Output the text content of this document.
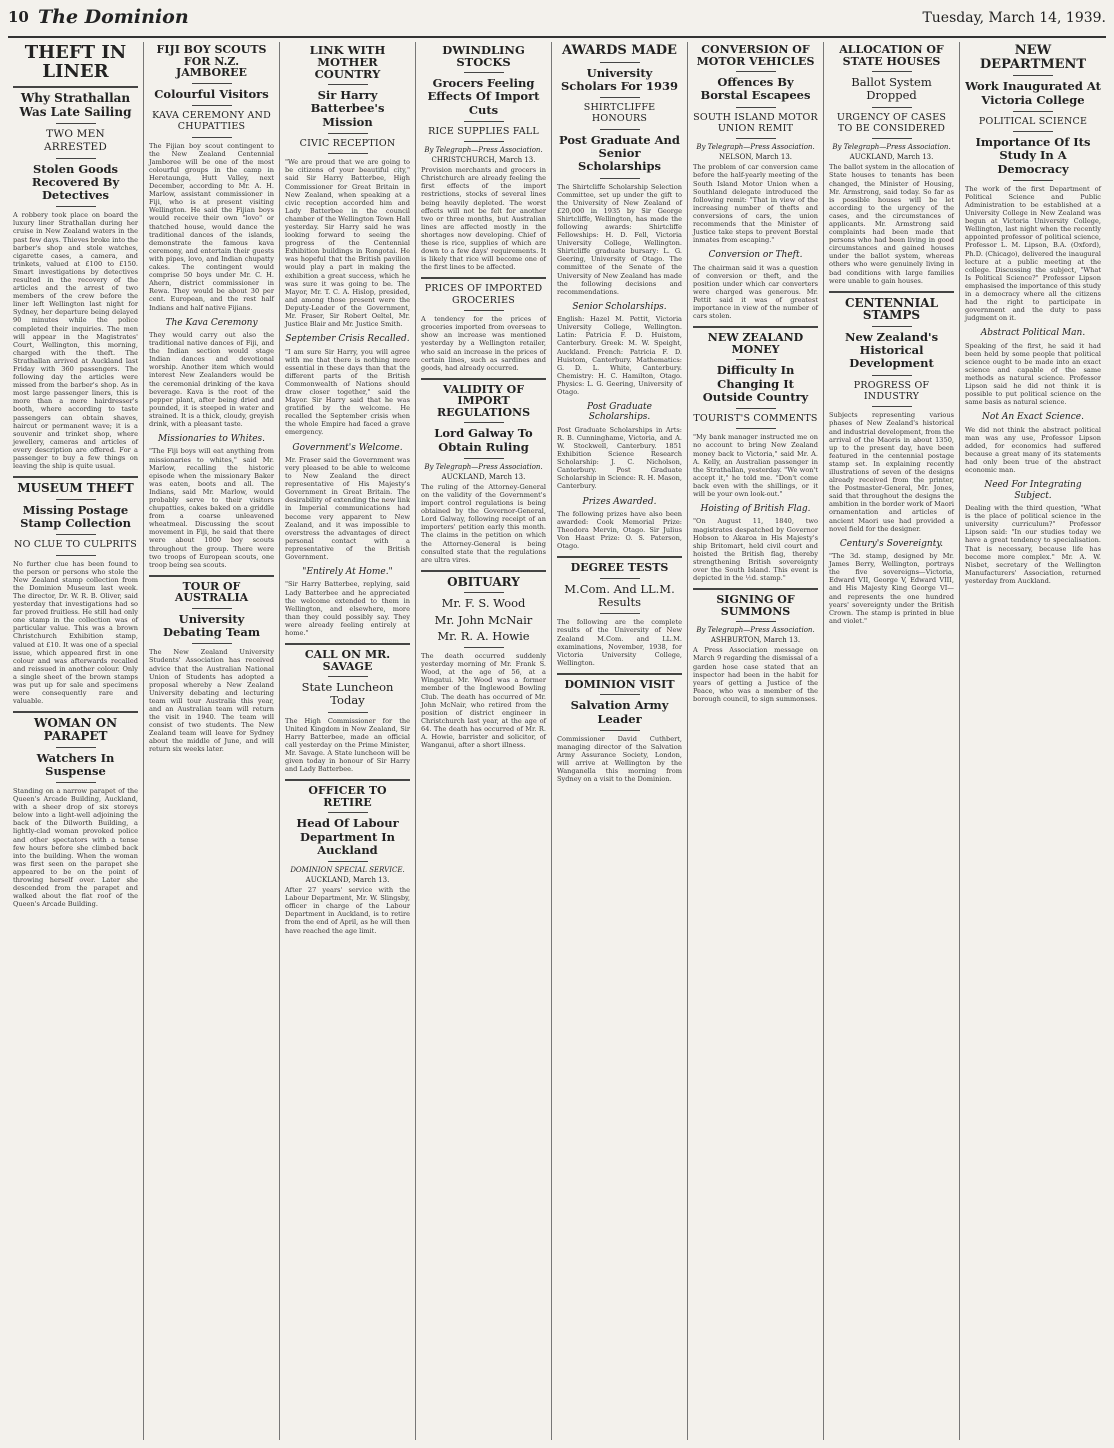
10 The Dominion	Tuesday, March 14, 1939.
THEFT IN LINER
Why Strathallan Was Late Sailing
TWO MEN ARRESTED
Stolen Goods Recovered By Detectives
A robbery took place on board the luxury liner Strathallan during her cruise in New Zealand waters in the past few days. Thieves broke into the barber's shop and stole watches, cigarette cases, a camera, and trinkets, valued at £100 to £150. Smart investigations by detectives resulted in the recovery of the articles and the arrest of two members of the crew before the liner left Wellington last night for Sydney, her departure being delayed 90 minutes while the police completed their inquiries. The men will appear in the Magistrates' Court, Wellington, this morning, charged with the theft. The Strathallan arrived at Auckland last Friday with 360 passengers. The following day the articles were missed from the barber's shop. As in most large passenger liners, this is more than a mere hairdresser's booth, where according to taste passengers can obtain shaves, haircut or permanent wave; it is a souvenir and trinket shop, where jewellery, cameras and articles of every description are offered. For a passenger to buy a few things on leaving the ship is quite usual.
MUSEUM THEFT
Missing Postage Stamp Collection
NO CLUE TO CULPRITS
No further clue has been found to the person or persons who stole the New Zealand stamp collection from the Dominion Museum last week. The director, Dr. W. R. B. Oliver, said yesterday that investigations had so far proved fruitless. He still had only one stamp in the collection was of particular value. This was a brown Christchurch Exhibition stamp, valued at £10. It was one of a special issue, which appeared first in one colour and was afterwards recalled and reissued in another colour. Only a single sheet of the brown stamps was put up for sale and specimens were consequently rare and valuable.
WOMAN ON PARAPET
Watchers In Suspense
Standing on a narrow parapet of the Queen's Arcade Building, Auckland, with a sheer drop of six storeys below into a light-well adjoining the back of the Dilworth Building, a lightly-clad woman provoked police and other spectators with a tense few hours before she climbed back into the building. When the woman was first seen on the parapet she appeared to be on the point of throwing herself over. Later she descended from the parapet and walked about the flat roof of the Queen's Arcade Building.
FIJI BOY SCOUTS FOR N.Z. JAMBOREE
Colourful Visitors
KAVA CEREMONY AND CHUPATTIES
The Fijian boy scout contingent to the New Zealand Centennial Jamboree will be one of the most colourful groups in the camp in Heretaunga, Hutt Valley, next December, according to Mr. A. H. Marlow, assistant commissioner in Fiji, who is at present visiting Wellington. He said the Fijian boys would receive their own "lovo" or thatched house, would dance the traditional dances of the islands, demonstrate the famous kava ceremony, and entertain their guests with pipes, lovo, and Indian chupatty cakes. The contingent would comprise 50 boys under Mr. C. H. Ahern, district commissioner in Rewa. They would be about 30 per cent. European, and the rest half Indians and half native Fijians.
The Kava Ceremony
They would carry out also the traditional native dances of Fiji, and the Indian section would stage Indian dances and devotional worship. Another item which would interest New Zealanders would be the ceremonial drinking of the kava beverage. Kava is the root of the pepper plant, after being dried and pounded, it is steeped in water and strained. It is a thick, cloudy, greyish drink, with a pleasant taste.
Missionaries to Whites.
"The Fiji boys will eat anything from missionaries to whites," said Mr. Marlow, recalling the historic episode when the missionary Baker was eaten, boots and all. The Indians, said Mr. Marlow, would probably serve to their visitors chupatties, cakes baked on a griddle from a coarse unleavened wheatmeal. Discussing the scout movement in Fiji, he said that there were about 1000 boy scouts throughout the group. There were two troops of European scouts, one troop being sea scouts.
TOUR OF AUSTRALIA
University Debating Team
The New Zealand University Students' Association has received advice that the Australian National Union of Students has adopted a proposal whereby a New Zealand University debating and lecturing team will tour Australia this year, and an Australian team will return the visit in 1940. The team will consist of two students. The New Zealand team will leave for Sydney about the middle of June, and will return six weeks later.
LINK WITH MOTHER COUNTRY
Sir Harry Batterbee's Mission
CIVIC RECEPTION
"We are proud that we are going to be citizens of your beautiful city," said Sir Harry Batterbee, High Commissioner for Great Britain in New Zealand, when speaking at a civic reception accorded him and Lady Batterbee in the council chamber of the Wellington Town Hall yesterday. Sir Harry said he was looking forward to seeing the progress of the Centennial Exhibition buildings in Rongotai. He was hopeful that the British pavilion would play a part in making the exhibition a great success, which he was sure it was going to be. The Mayor, Mr. T. C. A. Hislop, presided, and among those present were the Deputy-Leader of the Government, Mr. Fraser, Sir Robert Oeltel, Mr. Justice Blair and Mr. Justice Smith.
September Crisis Recalled.
"I am sure Sir Harry, you will agree with me that there is nothing more essential in these days than that the different parts of the British Commonwealth of Nations should draw closer together," said the Mayor. Sir Harry said that he was gratified by the welcome. He recalled the September crisis when the whole Empire had faced a grave emergency.
Government's Welcome.
Mr. Fraser said the Government was very pleased to be able to welcome to New Zealand the direct representative of His Majesty's Government in Great Britain. The desirability of extending the new link in Imperial communications had become very apparent to New Zealand, and it was impossible to overstress the advantages of direct personal contact with a representative of the British Government.
"Entirely At Home."
"Sir Harry Batterbee, replying, said Lady Batterbee and he appreciated the welcome extended to them in Wellington, and elsewhere, more than they could possibly say. They were already feeling entirely at home."
CALL ON MR. SAVAGE
State Luncheon Today
The High Commissioner for the United Kingdom in New Zealand, Sir Harry Batterbee, made an official call yesterday on the Prime Minister, Mr. Savage. A State luncheon will be given today in honour of Sir Harry and Lady Batterbee.
OFFICER TO RETIRE
Head Of Labour Department In Auckland
DOMINION SPECIAL SERVICE.
AUCKLAND, March 13.
After 27 years' service with the Labour Department, Mr. W. Slingsby, officer in charge of the Labour Department in Auckland, is to retire from the end of April, as he will then have reached the age limit.
DWINDLING STOCKS
Grocers Feeling Effects Of Import Cuts
RICE SUPPLIES FALL
By Telegraph—Press Association.
CHRISTCHURCH, March 13.
Provision merchants and grocers in Christchurch are already feeling the first effects of the import restrictions, stocks of several lines being heavily depleted. The worst effects will not be felt for another two or three months, but Australian lines are affected mostly in the shortages now developing. Chief of these is rice, supplies of which are down to a few days' requirements. It is likely that rice will become one of the first lines to be affected.
PRICES OF IMPORTED GROCERIES
A tendency for the prices of groceries imported from overseas to show an increase was mentioned yesterday by a Wellington retailer, who said an increase in the prices of certain lines, such as sardines and goods, had already occurred.
VALIDITY OF IMPORT REGULATIONS
Lord Galway To Obtain Ruling
By Telegraph—Press Association.
AUCKLAND, March 13.
The ruling of the Attorney-General on the validity of the Government's import control regulations is being obtained by the Governor-General, Lord Galway, following receipt of an importers' petition early this month. The claims in the petition on which the Attorney-General is being consulted state that the regulations are ultra vires.
OBITUARY
Mr. F. S. Wood
Mr. John McNair
Mr. R. A. Howie
The death occurred suddenly yesterday morning of Mr. Frank S. Wood, at the age of 56, at a Wingatui. Mr. Wood was a former member of the Inglewood Bowling Club. The death has occurred of Mr. John McNair, who retired from the position of district engineer in Christchurch last year, at the age of 64. The death has occurred of Mr. R. A. Howie, barrister and solicitor, of Wanganui, after a short illness.
AWARDS MADE
University Scholars For 1939
SHIRTCLIFFE HONOURS
Post Graduate And Senior Scholarships
The Shirtcliffe Scholarship Selection Committee, set up under the gift to the University of New Zealand of £20,000 in 1935 by Sir George Shirtcliffe, Wellington, has made the following awards: Shirtcliffe Fellowships: H. D. Fell, Victoria University College, Wellington. Shirtcliffe graduate bursary: L. G. Geering, University of Otago. The committee of the Senate of the University of New Zealand has made the following decisions and recommendations.
Senior Scholarships.
English: Hazel M. Pettit, Victoria University College, Wellington. Latin: Patricia F. D. Huistom, Canterbury. Greek: M. W. Speight, Auckland. French: Patricia F. D. Huistom, Canterbury. Mathematics: G. D. L. White, Canterbury. Chemistry: H. C. Hamilton, Otago. Physics: L. G. Geering, University of Otago.
Post Graduate Scholarships.
Post Graduate Scholarships in Arts: R. B. Cunninghame, Victoria, and A. W. Stockwell, Canterbury. 1851 Exhibition Science Research Scholarship: J. C. Nicholson, Canterbury. Post Graduate Scholarship in Science: R. H. Mason, Canterbury.
Prizes Awarded.
The following prizes have also been awarded: Cook Memorial Prize: Theodora Mervin, Otago. Sir Julius Von Haast Prize: O. S. Paterson, Otago.
DEGREE TESTS
M.Com. And LL.M. Results
The following are the complete results of the University of New Zealand M.Com. and LL.M. examinations, November, 1938, for Victoria University College, Wellington.
DOMINION VISIT
Salvation Army Leader
Commissioner David Cuthbert, managing director of the Salvation Army Assurance Society, London, will arrive at Wellington by the Wanganella this morning from Sydney on a visit to the Dominion.
CONVERSION OF MOTOR VEHICLES
Offences By Borstal Escapees
SOUTH ISLAND MOTOR UNION REMIT
By Telegraph—Press Association.
NELSON, March 13.
The problem of car conversion came before the half-yearly meeting of the South Island Motor Union when a Southland delegate introduced the following remit: "That in view of the increasing number of thefts and conversions of cars, the union recommends that the Minister of Justice take steps to prevent Borstal inmates from escaping."
Conversion or Theft.
The chairman said it was a question of conversion or theft, and the position under which car converters were charged was generous. Mr. Pettit said it was of greatest importance in view of the number of cars stolen.
NEW ZEALAND MONEY
Difficulty In Changing It Outside Country
TOURIST'S COMMENTS
"My bank manager instructed me on no account to bring New Zealand money back to Victoria," said Mr. A. A. Kelly, an Australian passenger in the Strathallan, yesterday. "We won't accept it," he told me. "Don't come back even with the shillings, or it will be your own look-out."
Hoisting of British Flag.
"On August 11, 1840, two magistrates despatched by Governor Hobson to Akaroa in His Majesty's ship Britomart, held civil court and hoisted the British flag, thereby strengthening British sovereignty over the South Island. This event is depicted in the ½d. stamp."
SIGNING OF SUMMONS
By Telegraph—Press Association.
ASHBURTON, March 13.
A Press Association message on March 9 regarding the dismissal of a garden hose case stated that an inspector had been in the habit for years of getting a Justice of the Peace, who was a member of the borough council, to sign summonses.
ALLOCATION OF STATE HOUSES
Ballot System Dropped
URGENCY OF CASES TO BE CONSIDERED
By Telegraph—Press Association.
AUCKLAND, March 13.
The ballot system in the allocation of State houses to tenants has been changed, the Minister of Housing, Mr. Armstrong, said today. So far as is possible houses will be let according to the urgency of the cases, and the circumstances of applicants. Mr. Armstrong said complaints had been made that persons who had been living in good circumstances and gained houses under the ballot system, whereas others who were genuinely living in bad conditions with large families were unable to gain houses.
CENTENNIAL STAMPS
New Zealand's Historical Development
PROGRESS OF INDUSTRY
Subjects representing various phases of New Zealand's historical and industrial development, from the arrival of the Maoris in about 1350, up to the present day, have been featured in the centennial postage stamp set. In explaining recently illustrations of seven of the designs already received from the printer, the Postmaster-General, Mr. Jones, said that throughout the designs the ambition in the border work of Maori ornamentation and articles of ancient Maori use had provided a novel field for the designer.
Century's Sovereignty.
"The 3d. stamp, designed by Mr. James Berry, Wellington, portrays the five sovereigns—Victoria, Edward VII, George V, Edward VIII, and His Majesty King George VI—and represents the one hundred years' sovereignty under the British Crown. The stamp is printed in blue and violet."
NEW DEPARTMENT
Work Inaugurated At Victoria College
POLITICAL SCIENCE
Importance Of Its Study In A Democracy
The work of the first Department of Political Science and Public Administration to be established at a University College in New Zealand was begun at Victoria University College, Wellington, last night when the recently appointed professor of political science, Professor L. M. Lipson, B.A. (Oxford), Ph.D. (Chicago), delivered the inaugural lecture at a public meeting at the college. Discussing the subject, "What Is Political Science?" Professor Lipson emphasised the importance of this study in a democracy where all the citizens had the right to participate in government and the duty to pass judgment on it.
Abstract Political Man.
Speaking of the first, he said it had been held by some people that political science ought to be made into an exact science and capable of the same methods as natural science. Professor Lipson said he did not think it is possible to put political science on the same basis as natural science.
Not An Exact Science.
We did not think the abstract political man was any use, Professor Lipson added, for economics had suffered because a great many of its statements had only been true of the abstract economic man.
Need For Integrating Subject.
Dealing with the third question, "What is the place of political science in the university curriculum?" Professor Lipson said: "In our studies today we have a great tendency to specialisation. That is necessary, because life has become more complex." Mr. A. W. Nisbet, secretary of the Wellington Manufacturers' Association, returned yesterday from Auckland.
